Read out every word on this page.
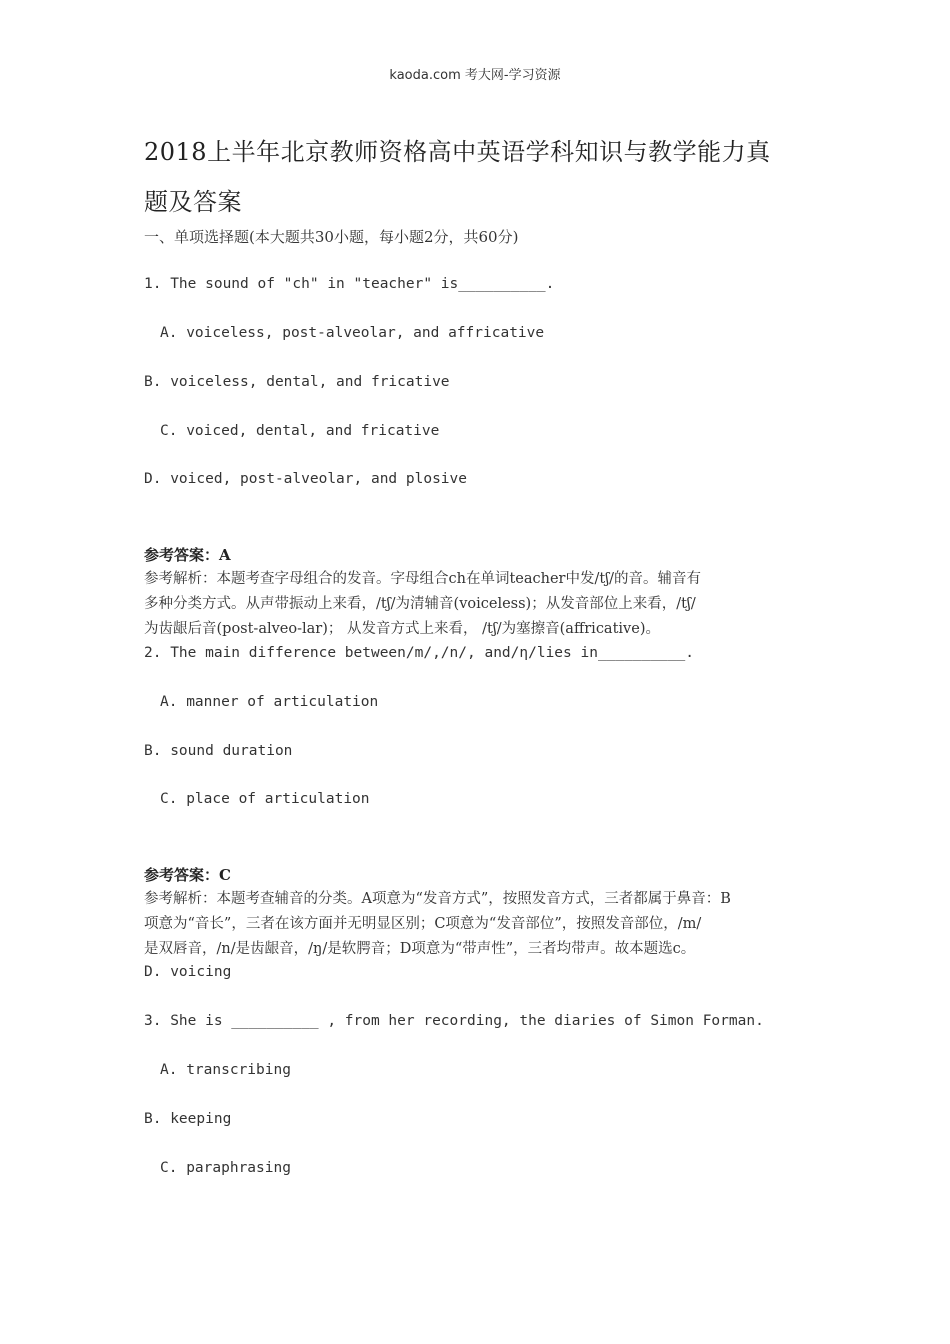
kaoda.com 考大网-学习资源
2018上半年北京教师资格高中英语学科知识与教学能力真
题及答案
一、单项选择题(本大题共30小题，每小题2分，共60分)
1. The sound of "ch" in "teacher" is__________.
A. voiceless, post-alveolar, and affricative
B. voiceless, dental, and fricative
C. voiced, dental, and fricative
D. voiced, post-alveolar, and plosive
参考答案：A
参考解析：本题考查字母组合的发音。字母组合ch在单词teacher中发/tʃ/的音。辅音有
多种分类方式。从声带振动上来看，/tʃ/为清辅音(voiceless)；从发音部位上来看，/tʃ/
为齿龈后音(post-alveo-lar)； 从发音方式上来看， /tʃ/为塞擦音(affricative)。
2. The main difference between/m/,/n/, and/η/lies in__________.
A. manner of articulation
B. sound duration
C. place of articulation
参考答案：C
参考解析：本题考查辅音的分类。A项意为“发音方式”，按照发音方式，三者都属于鼻音：B
项意为“音长”，三者在该方面并无明显区别；C项意为“发音部位”，按照发音部位，/m/
是双唇音，/n/是齿龈音，/ŋ/是软腭音；D项意为“带声性”，三者均带声。故本题选c。
D. voicing
3. She is __________ , from her recording, the diaries of Simon Forman.
A. transcribing
B. keeping
C. paraphrasing
